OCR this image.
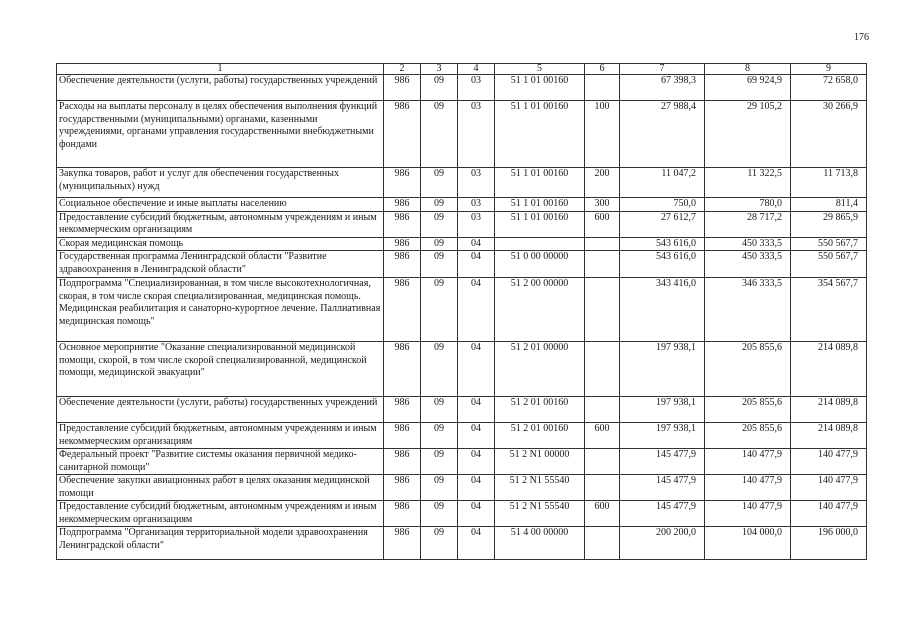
176
1	2	3	4	5	6	7	8	9
Обеспечение деятельности (услуги, работы) государственных учреждений	986	09	03	51 1 01 00160		67 398,3	69 924,9	72 658,0
Расходы на выплаты персоналу в целях обеспечения выполнения функций государственными (муниципальными) органами, казенными учреждениями, органами управления государственными внебюджетными фондами	986	09	03	51 1 01 00160	100	27 988,4	29 105,2	30 266,9
Закупка товаров, работ и услуг для обеспечения государственных (муниципальных) нужд	986	09	03	51 1 01 00160	200	11 047,2	11 322,5	11 713,8
Социальное обеспечение и иные выплаты населению	986	09	03	51 1 01 00160	300	750,0	780,0	811,4
Предоставление субсидий бюджетным, автономным учреждениям и иным некоммерческим организациям	986	09	03	51 1 01 00160	600	27 612,7	28 717,2	29 865,9
Скорая медицинская помощь	986	09	04			543 616,0	450 333,5	550 567,7
Государственная программа Ленинградской области "Развитие здравоохранения в Ленинградской области"	986	09	04	51 0 00 00000		543 616,0	450 333,5	550 567,7
Подпрограмма "Специализированная, в том числе высокотехнологичная, скорая, в том числе скорая специализированная, медицинская помощь. Медицинская реабилитация и санаторно-курортное лечение. Паллиативная медицинская помощь"	986	09	04	51 2 00 00000		343 416,0	346 333,5	354 567,7
Основное мероприятие "Оказание специализированной медицинской помощи, скорой, в том числе скорой специализированной, медицинской помощи, медицинской эвакуации"	986	09	04	51 2 01 00000		197 938,1	205 855,6	214 089,8
Обеспечение деятельности (услуги, работы) государственных учреждений	986	09	04	51 2 01 00160		197 938,1	205 855,6	214 089,8
Предоставление субсидий бюджетным, автономным учреждениям и иным некоммерческим организациям	986	09	04	51 2 01 00160	600	197 938,1	205 855,6	214 089,8
Федеральный проект "Развитие системы оказания первичной медико-санитарной помощи"	986	09	04	51 2 N1 00000		145 477,9	140 477,9	140 477,9
Обеспечение закупки авиационных работ в целях оказания медицинской помощи	986	09	04	51 2 N1 55540		145 477,9	140 477,9	140 477,9
Предоставление субсидий бюджетным, автономным учреждениям и иным некоммерческим организациям	986	09	04	51 2 N1 55540	600	145 477,9	140 477,9	140 477,9
Подпрограмма "Организация территориальной модели здравоохранения Ленинградской области"	986	09	04	51 4 00 00000		200 200,0	104 000,0	196 000,0
